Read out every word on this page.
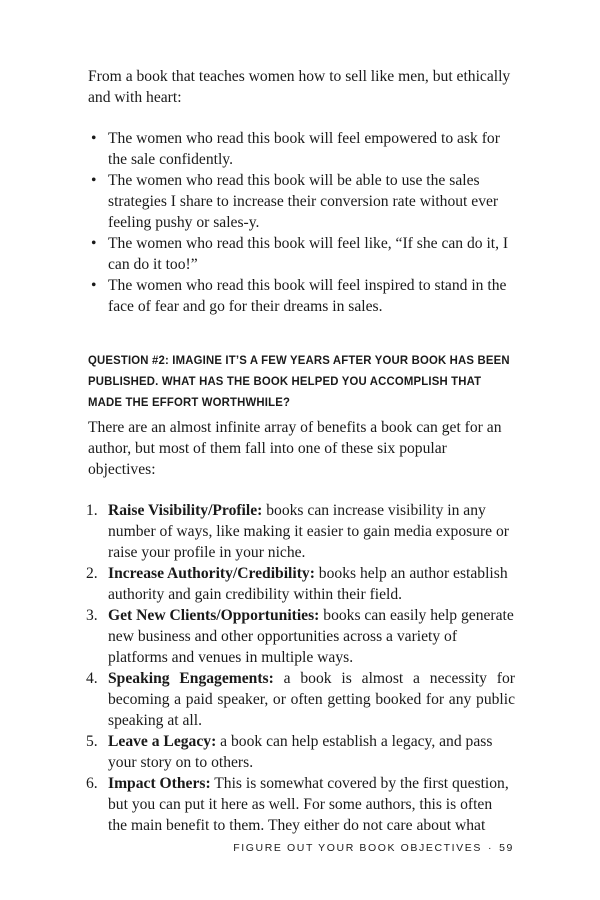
From a book that teaches women how to sell like men, but ethically and with heart:

• The women who read this book will feel empowered to ask for the sale confidently.
• The women who read this book will be able to use the sales strategies I share to increase their conversion rate without ever feeling pushy or sales-y.
• The women who read this book will feel like, “If she can do it, I can do it too!”
• The women who read this book will feel inspired to stand in the face of fear and go for their dreams in sales.
QUESTION #2: IMAGINE IT’S A FEW YEARS AFTER YOUR BOOK HAS BEEN PUBLISHED. WHAT HAS THE BOOK HELPED YOU ACCOMPLISH THAT MADE THE EFFORT WORTHWHILE?

There are an almost infinite array of benefits a book can get for an author, but most of them fall into one of these six popular objectives:

1. Raise Visibility/Profile: books can increase visibility in any number of ways, like making it easier to gain media exposure or raise your profile in your niche.
2. Increase Authority/Credibility: books help an author establish authority and gain credibility within their field.
3. Get New Clients/Opportunities: books can easily help generate new business and other opportunities across a variety of platforms and venues in multiple ways.
4. Speaking Engagements: a book is almost a necessity for becoming a paid speaker, or often getting booked for any public speaking at all.
5. Leave a Legacy: a book can help establish a legacy, and pass your story on to others.
6. Impact Others: This is somewhat covered by the first question, but you can put it here as well. For some authors, this is often the main benefit to them. They either do not care about what
FIGURE OUT YOUR BOOK OBJECTIVES · 59
